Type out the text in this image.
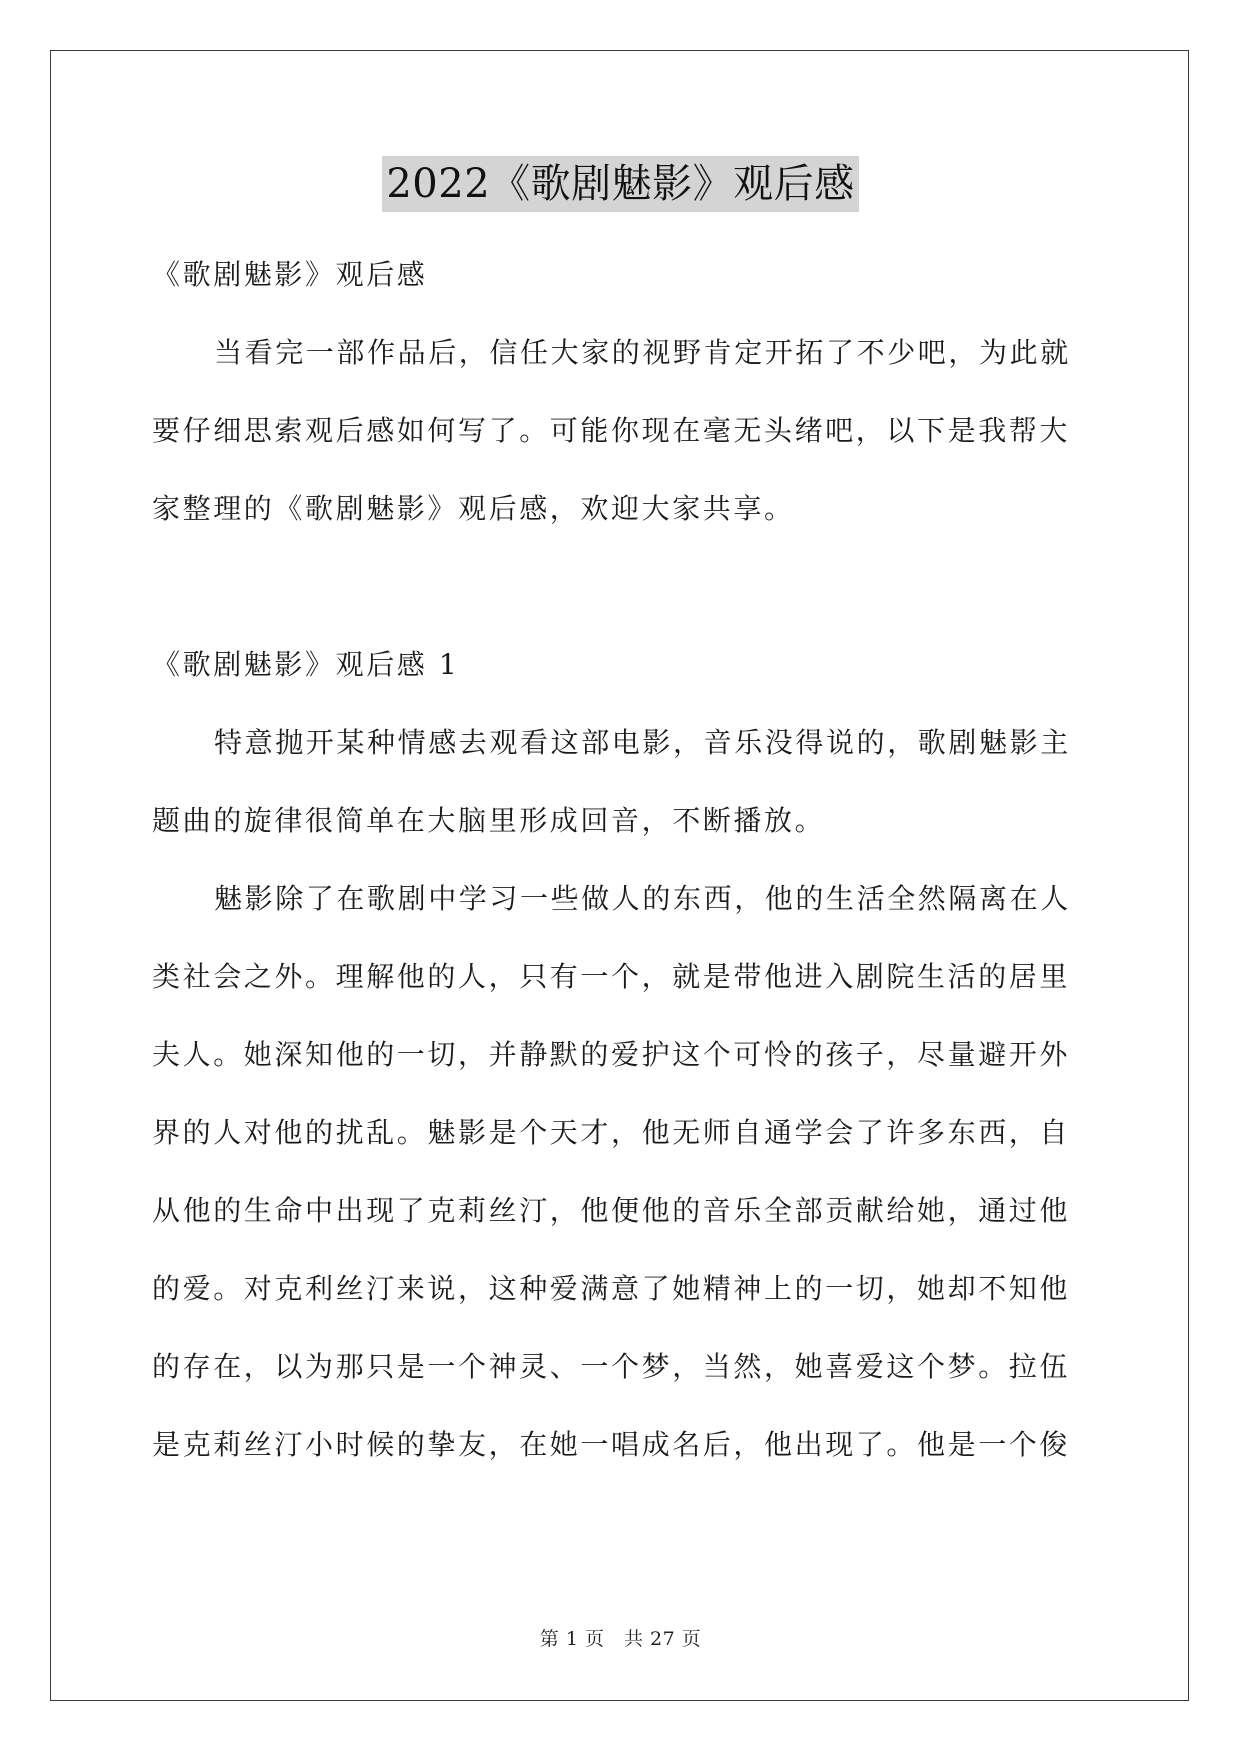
2022《歌剧魅影》观后感

《歌剧魅影》观后感

当看完一部作品后，信任大家的视野肯定开拓了不少吧，为此就要仔细思索观后感如何写了。可能你现在毫无头绪吧，以下是我帮大家整理的《歌剧魅影》观后感，欢迎大家共享。

《歌剧魅影》观后感 1

特意抛开某种情感去观看这部电影，音乐没得说的，歌剧魅影主题曲的旋律很简单在大脑里形成回音，不断播放。

魅影除了在歌剧中学习一些做人的东西，他的生活全然隔离在人类社会之外。理解他的人，只有一个，就是带他进入剧院生活的居里夫人。她深知他的一切，并静默的爱护这个可怜的孩子，尽量避开外界的人对他的扰乱。魅影是个天才，他无师自通学会了许多东西，自从他的生命中出现了克莉丝汀，他便他的音乐全部贡献给她，通过他的爱。对克利丝汀来说，这种爱满意了她精神上的一切，她却不知他的存在，以为那只是一个神灵、一个梦，当然，她喜爱这个梦。拉伍是克莉丝汀小时候的挚友，在她一唱成名后，他出现了。他是一个俊

第 1 页　共 27 页
